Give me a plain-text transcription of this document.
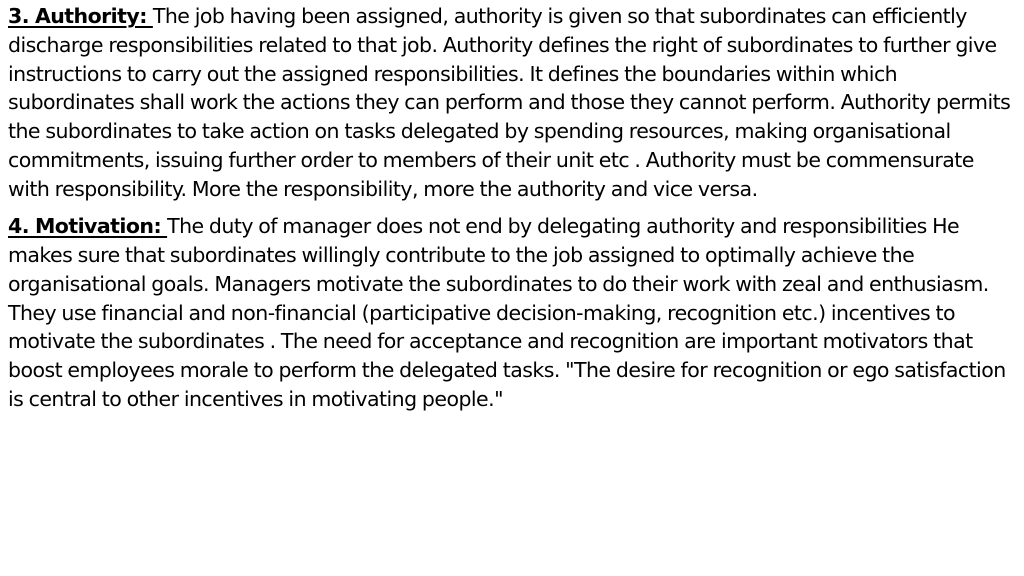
3. Authority: The job having been assigned, authority is given so that subordinates can efficiently discharge responsibilities related to that job. Authority defines the right of subordinates to further give instructions to carry out the assigned responsibilities. It defines the boundaries within which subordinates shall work the actions they can perform and those they cannot perform. Authority permits the subordinates to take action on tasks delegated by spending resources, making organisational commitments, issuing further order to members of their unit etc . Authority must be commensurate with responsibility. More the responsibility, more the authority and vice versa.

4. Motivation: The duty of manager does not end by delegating authority and responsibilities He makes sure that subordinates willingly contribute to the job assigned to optimally achieve the organisational goals. Managers motivate the subordinates to do their work with zeal and enthusiasm. They use financial and non-financial (participative decision-making, recognition etc.) incentives to motivate the subordinates . The need for acceptance and recognition are important motivators that boost employees morale to perform the delegated tasks. "The desire for recognition or ego satisfaction is central to other incentives in motivating people."
